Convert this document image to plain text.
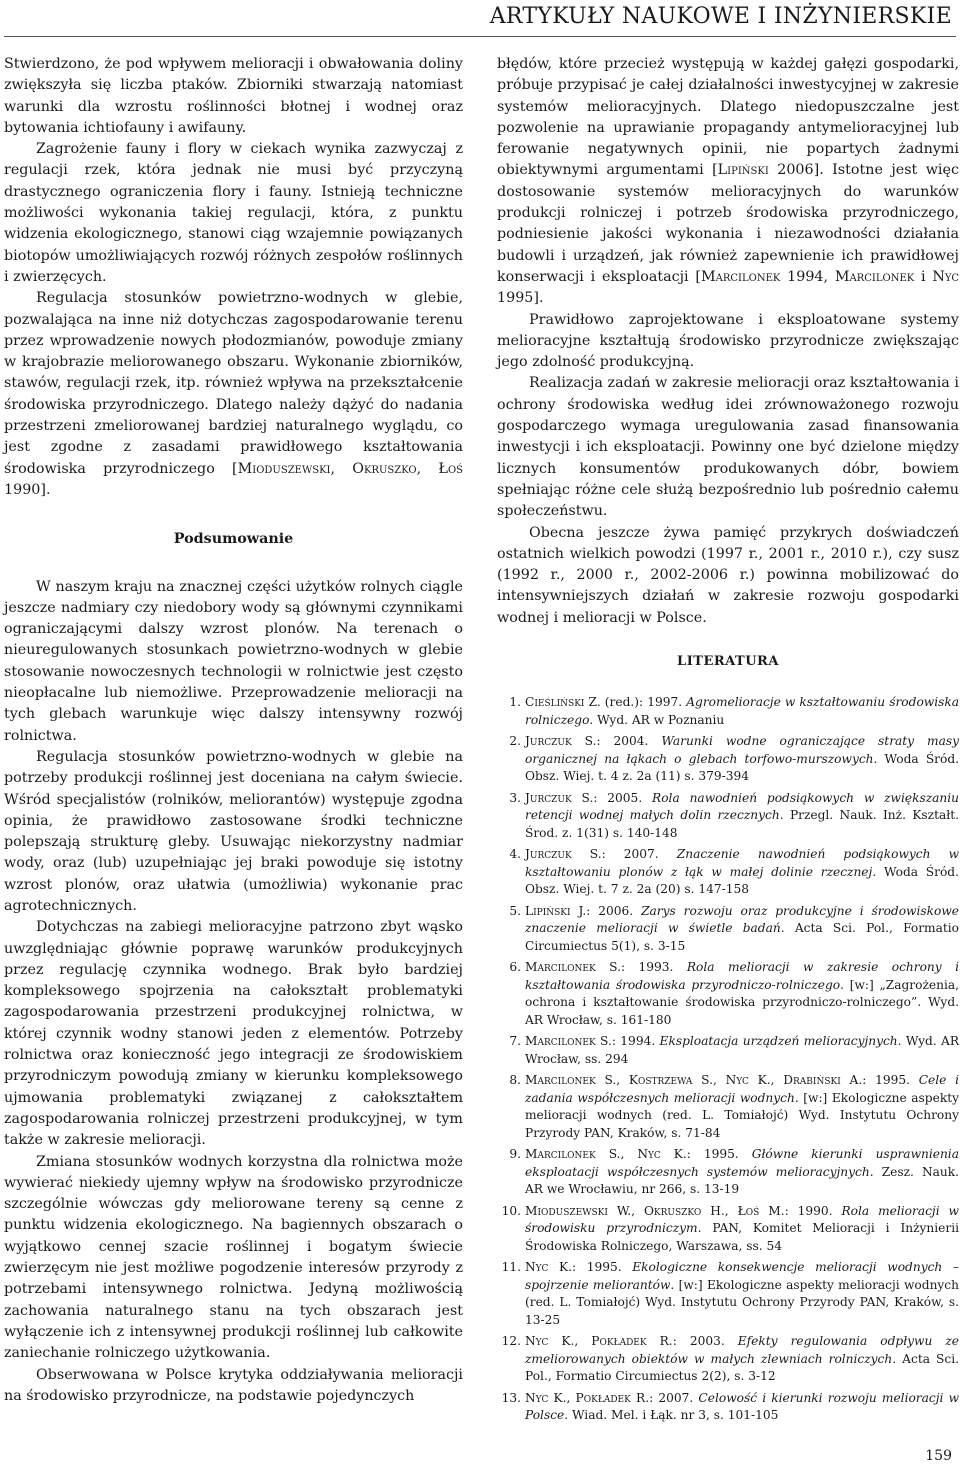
ARTYKUŁY NAUKOWE I INŻYNIERSKIE

Stwierdzono, że pod wpływem melioracji i obwałowania doliny zwiększyła się liczba ptaków. Zbiorniki stwarzają natomiast warunki dla wzrostu roślinności błotnej i wodnej oraz bytowania ichtiofauny i awifauny.

Zagrożenie fauny i flory w ciekach wynika zazwyczaj z regulacji rzek, która jednak nie musi być przyczyną drastycznego ograniczenia flory i fauny. Istnieją techniczne możliwości wykonania takiej regulacji, która, z punktu widzenia ekologicznego, stanowi ciąg wzajemnie powiązanych biotopów umożliwiających rozwój różnych zespołów roślinnych i zwierzęcych.

Regulacja stosunków powietrzno-wodnych w glebie, pozwalająca na inne niż dotychczas zagospodarowanie terenu przez wprowadzenie nowych płodozmianów, powoduje zmiany w krajobrazie meliorowanego obszaru. Wykonanie zbiorników, stawów, regulacji rzek, itp. również wpływa na przekształcenie środowiska przyrodniczego. Dlatego należy dążyć do nadania przestrzeni zmeliorowanej bardziej naturalnego wyglądu, co jest zgodne z zasadami prawidłowego kształtowania środowiska przyrodniczego [Mioduszewski, Okruszko, Łoś 1990].

Podsumowanie

W naszym kraju na znacznej części użytków rolnych ciągle jeszcze nadmiary czy niedobory wody są głównymi czynnikami ograniczającymi dalszy wzrost plonów. Na terenach o nieuregulowanych stosunkach powietrzno-wodnych w glebie stosowanie nowoczesnych technologii w rolnictwie jest często nieopłacalne lub niemożliwe. Przeprowadzenie melioracji na tych glebach warunkuje więc dalszy intensywny rozwój rolnictwa.

Regulacja stosunków powietrzno-wodnych w glebie na potrzeby produkcji roślinnej jest doceniana na całym świecie. Wśród specjalistów (rolników, meliorantów) występuje zgodna opinia, że prawidłowo zastosowane środki techniczne polepszają strukturę gleby. Usuwając niekorzystny nadmiar wody, oraz (lub) uzupełniając jej braki powoduje się istotny wzrost plonów, oraz ułatwia (umożliwia) wykonanie prac agrotechnicznych.

Dotychczas na zabiegi melioracyjne patrzono zbyt wąsko uwzględniając głównie poprawę warunków produkcyjnych przez regulację czynnika wodnego. Brak było bardziej kompleksowego spojrzenia na całokształt problematyki zagospodarowania przestrzeni produkcyjnej rolnictwa, w której czynnik wodny stanowi jeden z elementów. Potrzeby rolnictwa oraz konieczność jego integracji ze środowiskiem przyrodniczym powodują zmiany w kierunku kompleksowego ujmowania problematyki związanej z całokształtem zagospodarowania rolniczej przestrzeni produkcyjnej, w tym także w zakresie melioracji.

Zmiana stosunków wodnych korzystna dla rolnictwa może wywierać niekiedy ujemny wpływ na środowisko przyrodnicze szczególnie wówczas gdy meliorowane tereny są cenne z punktu widzenia ekologicznego. Na bagiennych obszarach o wyjątkowo cennej szacie roślinnej i bogatym świecie zwierzęcym nie jest możliwe pogodzenie interesów przyrody z potrzebami intensywnego rolnictwa. Jedyną możliwością zachowania naturalnego stanu na tych obszarach jest wyłączenie ich z intensywnej produkcji roślinnej lub całkowite zaniechanie rolniczego użytkowania.

Obserwowana w Polsce krytyka oddziaływania melioracji na środowisko przyrodnicze, na podstawie pojedynczych

błędów, które przecież występują w każdej gałęzi gospodarki, próbuje przypisać je całej działalności inwestycyjnej w zakresie systemów melioracyjnych. Dlatego niedopuszczalne jest pozwolenie na uprawianie propagandy antymelioracyjnej lub ferowanie negatywnych opinii, nie popartych żadnymi obiektywnymi argumentami [Lipiński 2006]. Istotne jest więc dostosowanie systemów melioracyjnych do warunków produkcji rolniczej i potrzeb środowiska przyrodniczego, podniesienie jakości wykonania i niezawodności działania budowli i urządzeń, jak również zapewnienie ich prawidłowej konserwacji i eksploatacji [Marcilonek 1994, Marcilonek i Nyc 1995].

Prawidłowo zaprojektowane i eksploatowane systemy melioracyjne kształtują środowisko przyrodnicze zwiększając jego zdolność produkcyjną.

Realizacja zadań w zakresie melioracji oraz kształtowania i ochrony środowiska według idei zrównoważonego rozwoju gospodarczego wymaga uregulowania zasad finansowania inwestycji i ich eksploatacji. Powinny one być dzielone między licznych konsumentów produkowanych dóbr, bowiem spełniając różne cele służą bezpośrednio lub pośrednio całemu społeczeństwu.

Obecna jeszcze żywa pamięć przykrych doświadczeń ostatnich wielkich powodzi (1997 r., 2001 r., 2010 r.), czy susz (1992 r., 2000 r., 2002-2006 r.) powinna mobilizować do intensywniejszych działań w zakresie rozwoju gospodarki wodnej i melioracji w Polsce.

LITERATURA
1. Cieśliński Z. (red.): 1997. Agromelioracje w kształtowaniu środowiska rolniczego. Wyd. AR w Poznaniu
2. Jurczuk S.: 2004. Warunki wodne ograniczające straty masy organicznej na łąkach o glebach torfowo-murszowych. Woda Śród. Obsz. Wiej. t. 4 z. 2a (11) s. 379-394
3. Jurczuk S.: 2005. Rola nawodnień podsiąkowych w zwiększaniu retencji wodnej małych dolin rzecznych. Przegl. Nauk. Inż. Kształt. Środ. z. 1(31) s. 140-148
4. Jurczuk S.: 2007. Znaczenie nawodnień podsiąkowych w kształtowaniu plonów z łąk w małej dolinie rzecznej. Woda Śród. Obsz. Wiej. t. 7 z. 2a (20) s. 147-158
5. Lipiński J.: 2006. Zarys rozwoju oraz produkcyjne i środowiskowe znaczenie melioracji w świetle badań. Acta Sci. Pol., Formatio Circumiectus 5(1), s. 3-15
6. Marcilonek S.: 1993. Rola melioracji w zakresie ochrony i kształtowania środowiska przyrodniczo-rolniczego. [w:] „Zagrożenia, ochrona i kształtowanie środowiska przyrodniczo-rolniczego”. Wyd. AR Wrocław, s. 161-180
7. Marcilonek S.: 1994. Eksploatacja urządzeń melioracyjnych. Wyd. AR Wrocław, ss. 294
8. Marcilonek S., Kostrzewa S., Nyc K., Drabiński A.: 1995. Cele i zadania współczesnych melioracji wodnych. [w:] Ekologiczne aspekty melioracji wodnych (red. L. Tomiałojć) Wyd. Instytutu Ochrony Przyrody PAN, Kraków, s. 71-84
9. Marcilonek S., Nyc K.: 1995. Główne kierunki usprawnienia eksploatacji współczesnych systemów melioracyjnych. Zesz. Nauk. AR we Wrocławiu, nr 266, s. 13-19
10. Mioduszewski W., Okruszko H., Łoś M.: 1990. Rola melioracji w środowisku przyrodniczym. PAN, Komitet Melioracji i Inżynierii Środowiska Rolniczego, Warszawa, ss. 54
11. Nyc K.: 1995. Ekologiczne konsekwencje melioracji wodnych – spojrzenie meliorantów. [w:] Ekologiczne aspekty melioracji wodnych (red. L. Tomiałojć) Wyd. Instytutu Ochrony Przyrody PAN, Kraków, s. 13-25
12. Nyc K., Pokładek R.: 2003. Efekty regulowania odpływu ze zmeliorowanych obiektów w małych zlewniach rolniczych. Acta Sci. Pol., Formatio Circumiectus 2(2), s. 3-12
13. Nyc K., Pokładek R.: 2007. Celowość i kierunki rozwoju melioracji w Polsce. Wiad. Mel. i Łąk. nr 3, s. 101-105
159
